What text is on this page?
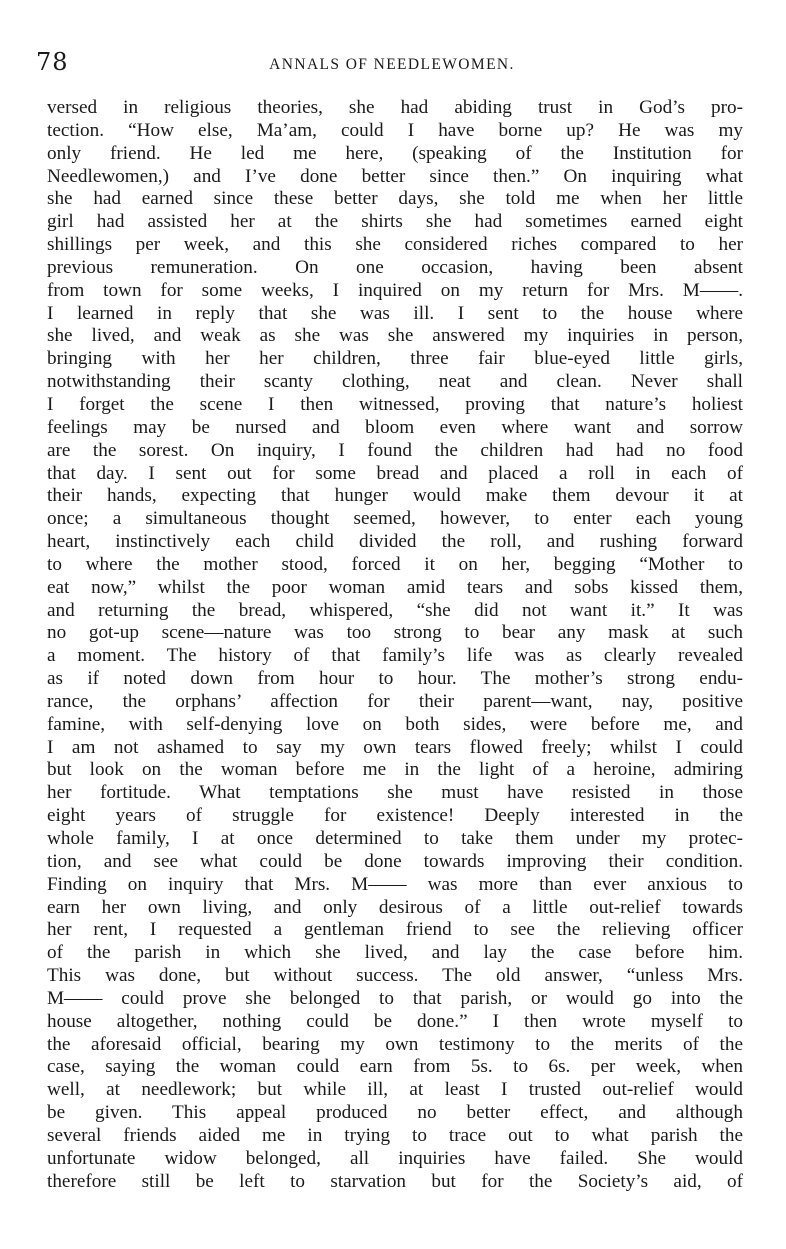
78	ANNALS OF NEEDLEWOMEN.
versed in religious theories, she had abiding trust in God’s pro-
tection. “How else, Ma’am, could I have borne up? He was my
only friend. He led me here, (speaking of the Institution for
Needlewomen,) and I’ve done better since then.” On inquiring what
she had earned since these better days, she told me when her little
girl had assisted her at the shirts she had sometimes earned eight
shillings per week, and this she considered riches compared to her
previous remuneration. On one occasion, having been absent
from town for some weeks, I inquired on my return for Mrs. M——.
I learned in reply that she was ill. I sent to the house where
she lived, and weak as she was she answered my inquiries in person,
bringing with her her children, three fair blue-eyed little girls,
notwithstanding their scanty clothing, neat and clean. Never shall
I forget the scene I then witnessed, proving that nature’s holiest
feelings may be nursed and bloom even where want and sorrow
are the sorest. On inquiry, I found the children had had no food
that day. I sent out for some bread and placed a roll in each of
their hands, expecting that hunger would make them devour it at
once; a simultaneous thought seemed, however, to enter each young
heart, instinctively each child divided the roll, and rushing forward
to where the mother stood, forced it on her, begging “Mother to
eat now,” whilst the poor woman amid tears and sobs kissed them,
and returning the bread, whispered, “she did not want it.” It was
no got-up scene—nature was too strong to bear any mask at such
a moment. The history of that family’s life was as clearly revealed
as if noted down from hour to hour. The mother’s strong endu-
rance, the orphans’ affection for their parent—want, nay, positive
famine, with self-denying love on both sides, were before me, and
I am not ashamed to say my own tears flowed freely; whilst I could
but look on the woman before me in the light of a heroine, admiring
her fortitude. What temptations she must have resisted in those
eight years of struggle for existence! Deeply interested in the
whole family, I at once determined to take them under my protec-
tion, and see what could be done towards improving their condition.
Finding on inquiry that Mrs. M—— was more than ever anxious to
earn her own living, and only desirous of a little out-relief towards
her rent, I requested a gentleman friend to see the relieving officer
of the parish in which she lived, and lay the case before him.
This was done, but without success. The old answer, “unless Mrs.
M—— could prove she belonged to that parish, or would go into the
house altogether, nothing could be done.” I then wrote myself to
the aforesaid official, bearing my own testimony to the merits of the
case, saying the woman could earn from 5s. to 6s. per week, when
well, at needlework; but while ill, at least I trusted out-relief would
be given. This appeal produced no better effect, and although
several friends aided me in trying to trace out to what parish the
unfortunate widow belonged, all inquiries have failed. She would
therefore still be left to starvation but for the Society’s aid, of
